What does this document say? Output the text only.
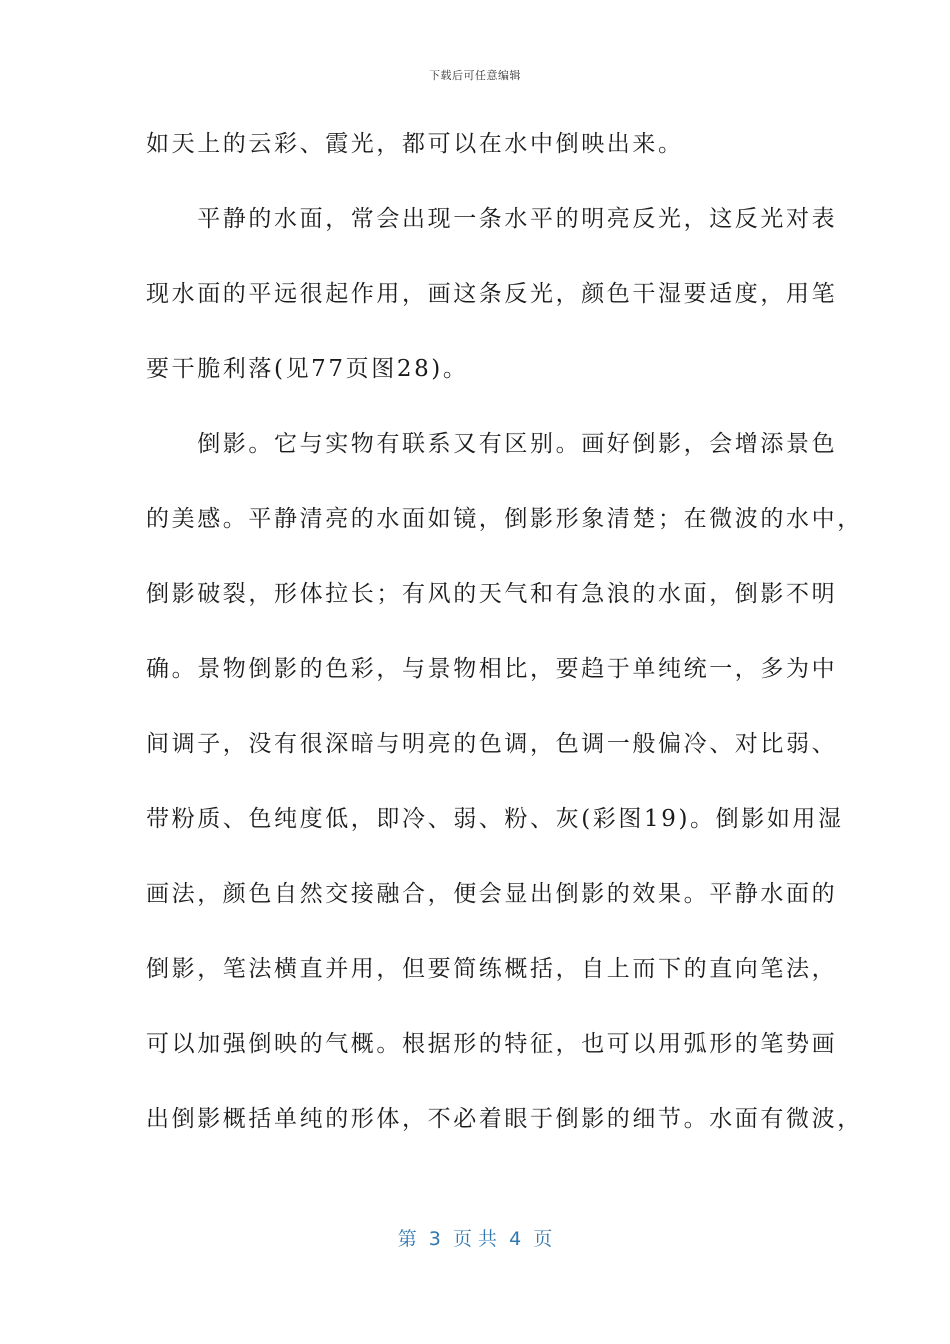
下载后可任意编辑
如天上的云彩、霞光，都可以在水中倒映出来。
　　平静的水面，常会出现一条水平的明亮反光，这反光对表
现水面的平远很起作用，画这条反光，颜色干湿要适度，用笔
要干脆利落(见77页图28)。
　　倒影。它与实物有联系又有区别。画好倒影，会增添景色
的美感。平静清亮的水面如镜，倒影形象清楚；在微波的水中，
倒影破裂，形体拉长；有风的天气和有急浪的水面，倒影不明
确。景物倒影的色彩，与景物相比，要趋于单纯统一，多为中
间调子，没有很深暗与明亮的色调，色调一般偏冷、对比弱、
带粉质、色纯度低，即冷、弱、粉、灰(彩图19)。倒影如用湿
画法，颜色自然交接融合，便会显出倒影的效果。平静水面的
倒影，笔法横直并用，但要简练概括，自上而下的直向笔法，
可以加强倒映的气概。根据形的特征，也可以用弧形的笔势画
出倒影概括单纯的形体，不必着眼于倒影的细节。水面有微波，
第  3  页 共  4  页
